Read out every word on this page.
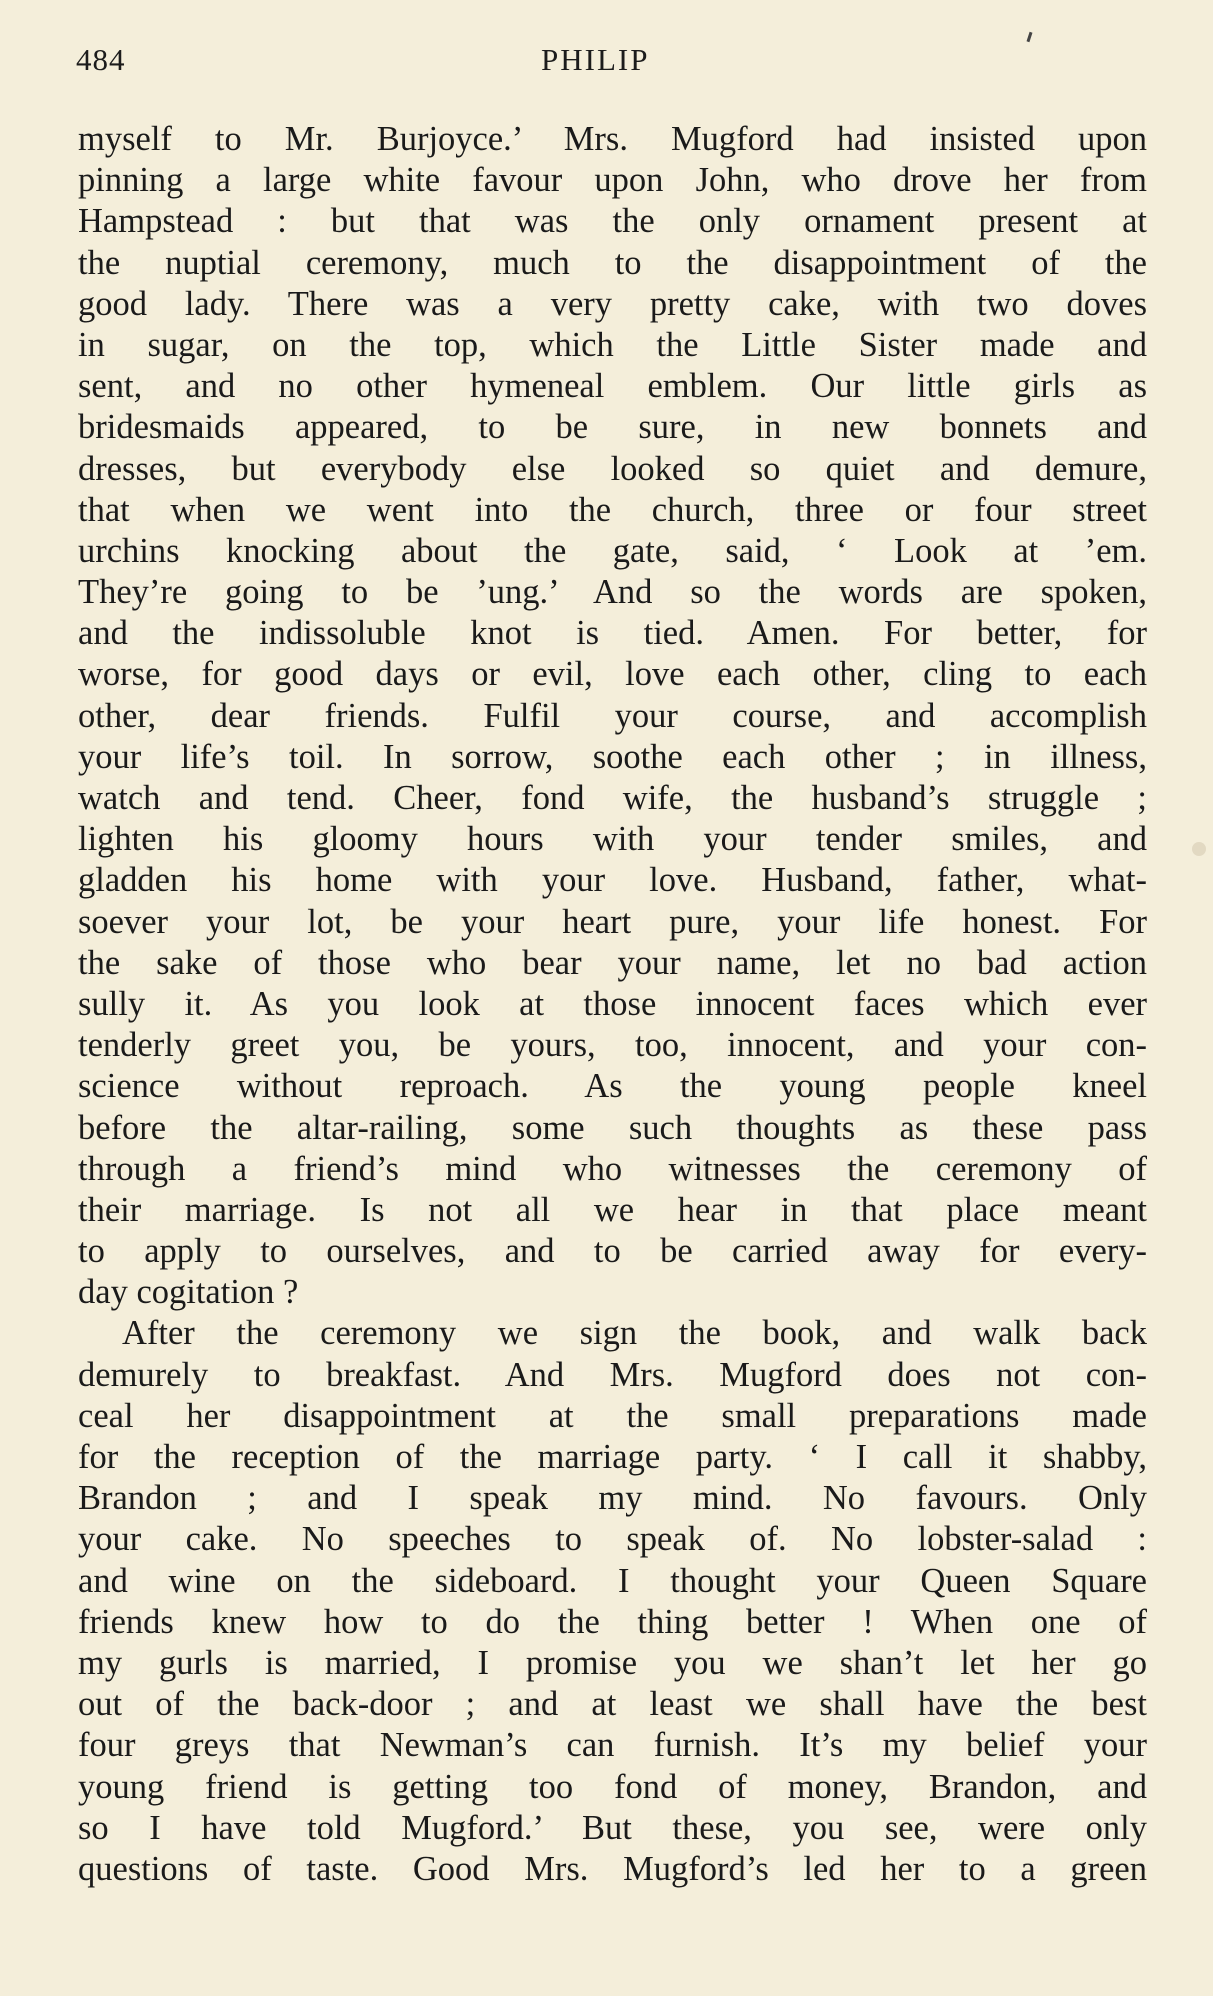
484	PHILIP
myself to Mr. Burjoyce.’ Mrs. Mugford had insisted upon
pinning a large white favour upon John, who drove her from
Hampstead : but that was the only ornament present at
the nuptial ceremony, much to the disappointment of the
good lady. There was a very pretty cake, with two doves
in sugar, on the top, which the Little Sister made and
sent, and no other hymeneal emblem. Our little girls as
bridesmaids appeared, to be sure, in new bonnets and
dresses, but everybody else looked so quiet and demure,
that when we went into the church, three or four street
urchins knocking about the gate, said, ‘ Look at ’em.
They’re going to be ’ung.’ And so the words are spoken,
and the indissoluble knot is tied. Amen. For better, for
worse, for good days or evil, love each other, cling to each
other, dear friends. Fulfil your course, and accomplish
your life’s toil. In sorrow, soothe each other ; in illness,
watch and tend. Cheer, fond wife, the husband’s struggle ;
lighten his gloomy hours with your tender smiles, and
gladden his home with your love. Husband, father, what-
soever your lot, be your heart pure, your life honest. For
the sake of those who bear your name, let no bad action
sully it. As you look at those innocent faces which ever
tenderly greet you, be yours, too, innocent, and your con-
science without reproach. As the young people kneel
before the altar-railing, some such thoughts as these pass
through a friend’s mind who witnesses the ceremony of
their marriage. Is not all we hear in that place meant
to apply to ourselves, and to be carried away for every-
day cogitation ?
After the ceremony we sign the book, and walk back
demurely to breakfast. And Mrs. Mugford does not con-
ceal her disappointment at the small preparations made
for the reception of the marriage party. ‘ I call it shabby,
Brandon ; and I speak my mind. No favours. Only
your cake. No speeches to speak of. No lobster-salad :
and wine on the sideboard. I thought your Queen Square
friends knew how to do the thing better ! When one of
my gurls is married, I promise you we shan’t let her go
out of the back-door ; and at least we shall have the best
four greys that Newman’s can furnish. It’s my belief your
young friend is getting too fond of money, Brandon, and
so I have told Mugford.’ But these, you see, were only
questions of taste. Good Mrs. Mugford’s led her to a green
